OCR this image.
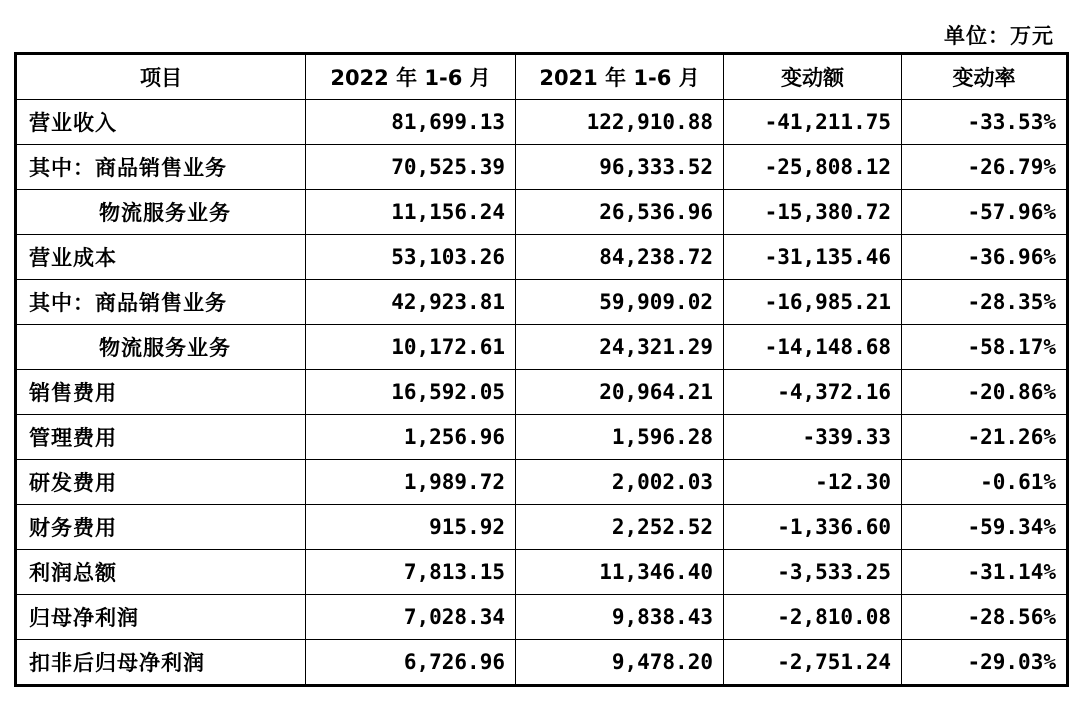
单位：万元
项目	2022 年 1-6 月	2021 年 1-6 月	变动额	变动率
营业收入	81,699.13	122,910.88	-41,211.75	-33.53%
其中：商品销售业务	70,525.39	96,333.52	-25,808.12	-26.79%
物流服务业务	11,156.24	26,536.96	-15,380.72	-57.96%
营业成本	53,103.26	84,238.72	-31,135.46	-36.96%
其中：商品销售业务	42,923.81	59,909.02	-16,985.21	-28.35%
物流服务业务	10,172.61	24,321.29	-14,148.68	-58.17%
销售费用	16,592.05	20,964.21	-4,372.16	-20.86%
管理费用	1,256.96	1,596.28	-339.33	-21.26%
研发费用	1,989.72	2,002.03	-12.30	-0.61%
财务费用	915.92	2,252.52	-1,336.60	-59.34%
利润总额	7,813.15	11,346.40	-3,533.25	-31.14%
归母净利润	7,028.34	9,838.43	-2,810.08	-28.56%
扣非后归母净利润	6,726.96	9,478.20	-2,751.24	-29.03%
